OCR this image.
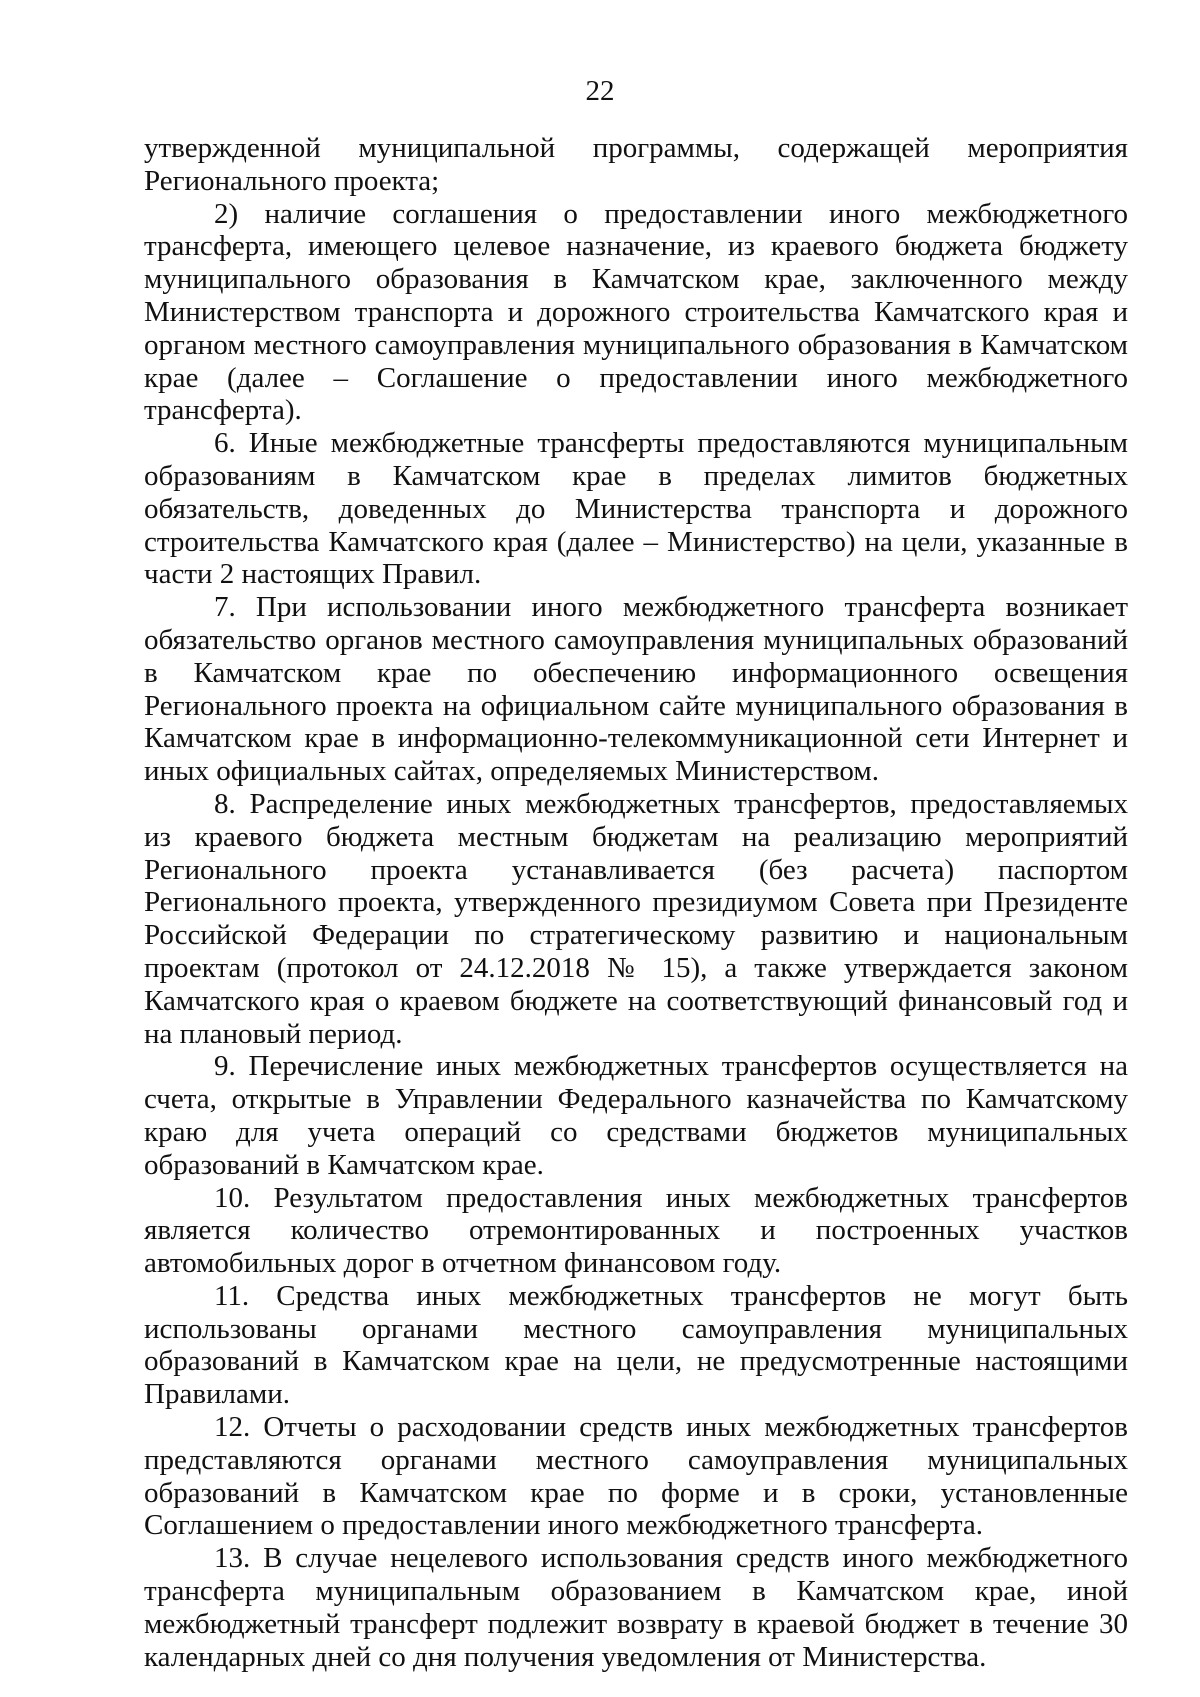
22

утвержденной муниципальной программы, содержащей мероприятия Регионального проекта;

2) наличие соглашения о предоставлении иного межбюджетного трансферта, имеющего целевое назначение, из краевого бюджета бюджету муниципального образования в Камчатском крае, заключенного между Министерством транспорта и дорожного строительства Камчатского края и органом местного самоуправления муниципального образования в Камчатском крае (далее – Соглашение о предоставлении иного межбюджетного трансферта).

6. Иные межбюджетные трансферты предоставляются муниципальным образованиям в Камчатском крае в пределах лимитов бюджетных обязательств, доведенных до Министерства транспорта и дорожного строительства Камчатского края (далее – Министерство) на цели, указанные в части 2 настоящих Правил.

7. При использовании иного межбюджетного трансферта возникает обязательство органов местного самоуправления муниципальных образований в Камчатском крае по обеспечению информационного освещения Регионального проекта на официальном сайте муниципального образования в Камчатском крае в информационно-телекоммуникационной сети Интернет и иных официальных сайтах, определяемых Министерством.

8. Распределение иных межбюджетных трансфертов, предоставляемых из краевого бюджета местным бюджетам на реализацию мероприятий Регионального проекта устанавливается (без расчета) паспортом Регионального проекта, утвержденного президиумом Совета при Президенте Российской Федерации по стратегическому развитию и национальным проектам (протокол от 24.12.2018 № 15), а также утверждается законом Камчатского края о краевом бюджете на соответствующий финансовый год и на плановый период.

9. Перечисление иных межбюджетных трансфертов осуществляется на счета, открытые в Управлении Федерального казначейства по Камчатскому краю для учета операций со средствами бюджетов муниципальных образований в Камчатском крае.

10. Результатом предоставления иных межбюджетных трансфертов является количество отремонтированных и построенных участков автомобильных дорог в отчетном финансовом году.

11. Средства иных межбюджетных трансфертов не могут быть использованы органами местного самоуправления муниципальных образований в Камчатском крае на цели, не предусмотренные настоящими Правилами.

12. Отчеты о расходовании средств иных межбюджетных трансфертов представляются органами местного самоуправления муниципальных образований в Камчатском крае по форме и в сроки, установленные Соглашением о предоставлении иного межбюджетного трансферта.

13. В случае нецелевого использования средств иного межбюджетного трансферта муниципальным образованием в Камчатском крае, иной межбюджетный трансферт подлежит возврату в краевой бюджет в течение 30 календарных дней со дня получения уведомления от Министерства.
